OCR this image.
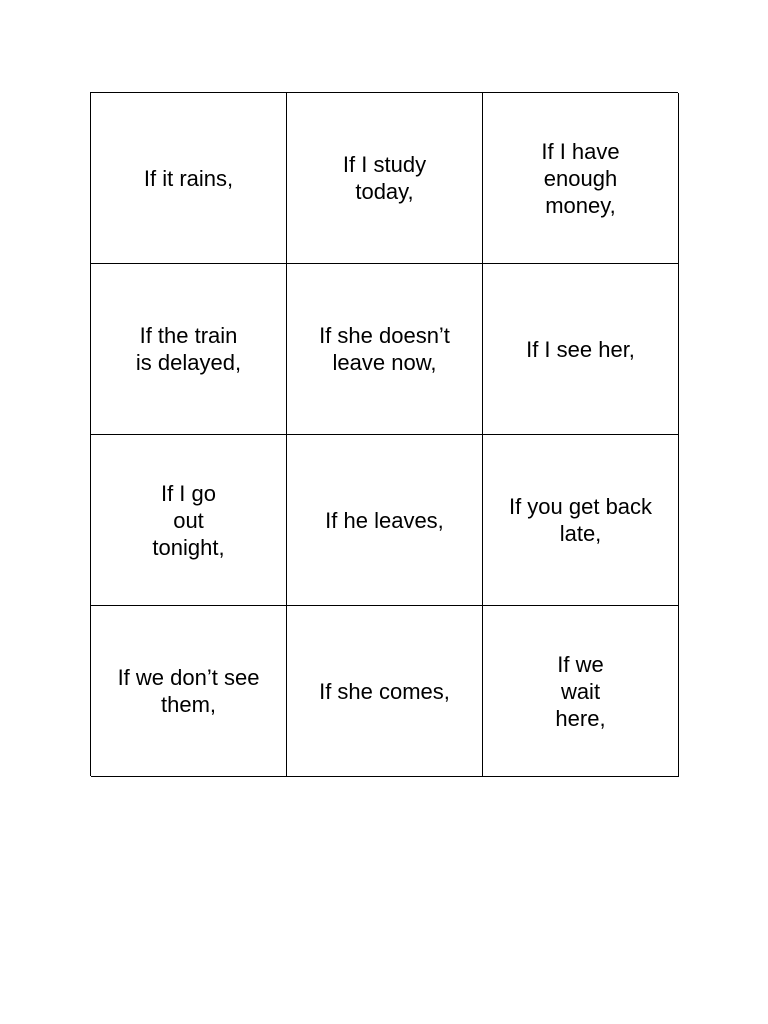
If it rains,
If I study today,
If I have enough money,
If the train is delayed,
If she doesn’t leave now,
If I see her,
If I go out tonight,
If he leaves,
If you get back late,
If we don’t see them,
If she comes,
If we wait here,
